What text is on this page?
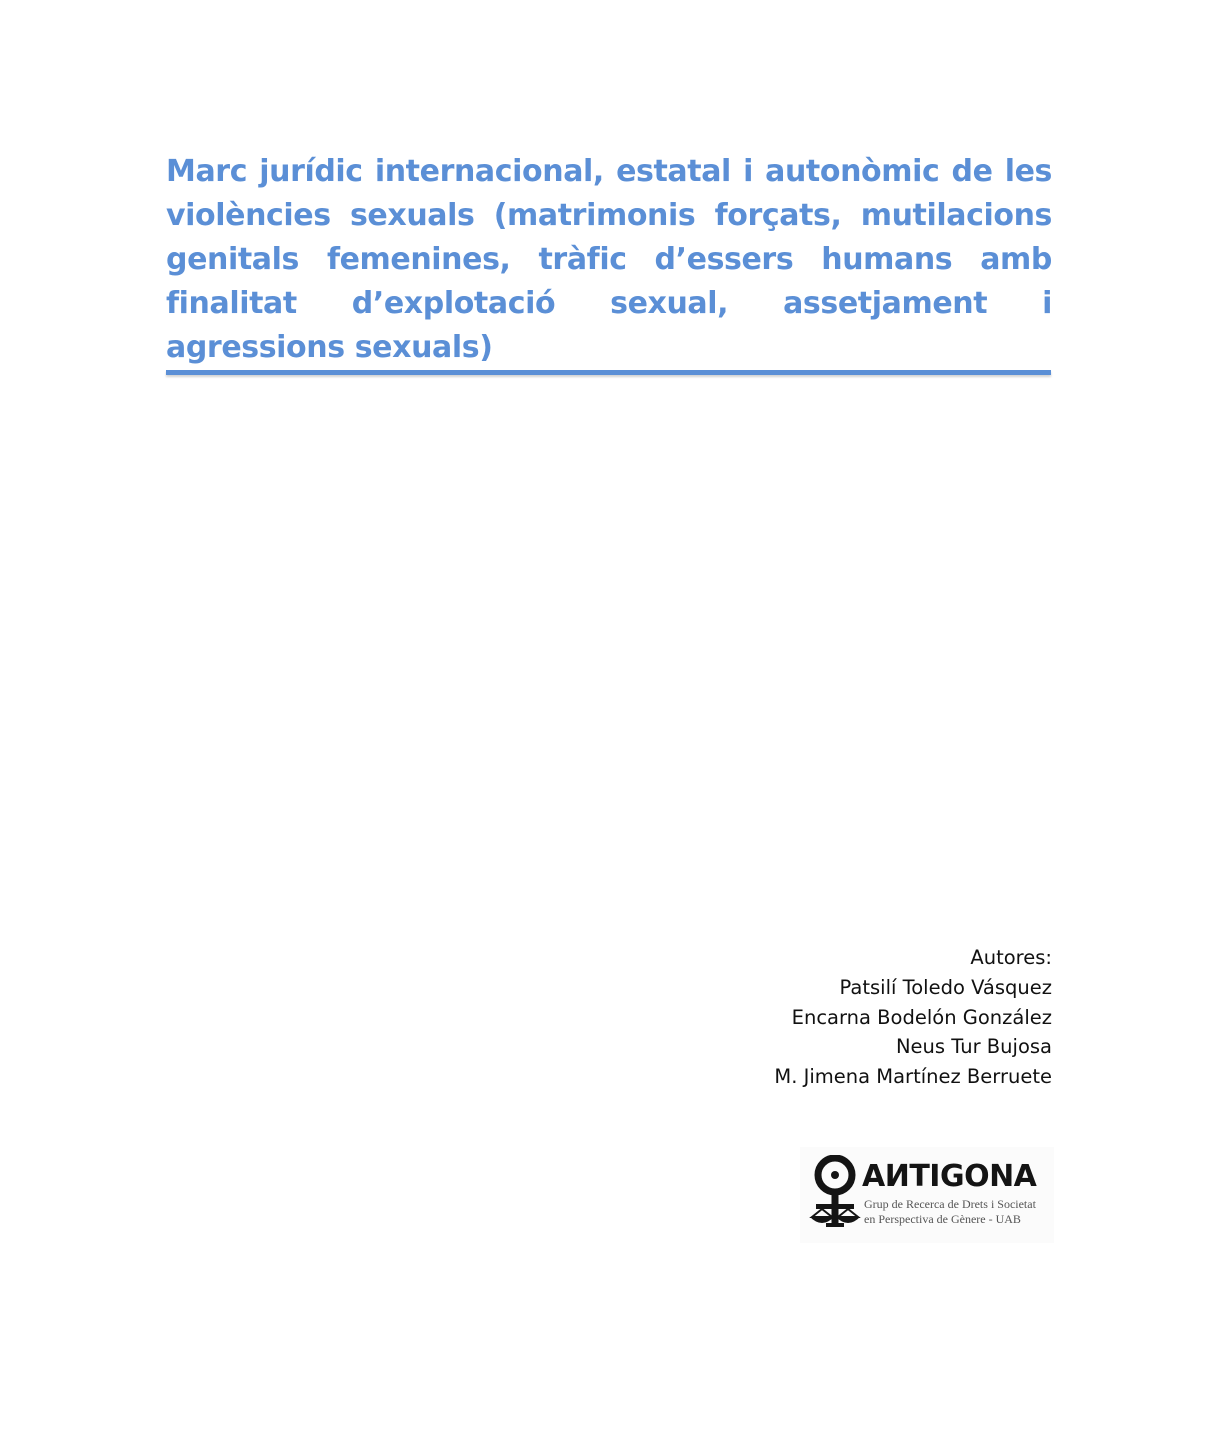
Marc jurídic internacional, estatal i autonòmic de les violències sexuals (matrimonis forçats, mutilacions genitals femenines, tràfic d’essers humans amb finalitat d’explotació sexual, assetjament i agressions sexuals)
Autores:
Patsilí Toledo Vásquez
Encarna Bodelón González
Neus Tur Bujosa
M. Jimena Martínez Berruete
AИTIGONA
Grup de Recerca de Drets i Societat
en Perspectiva de Gènere - UAB
